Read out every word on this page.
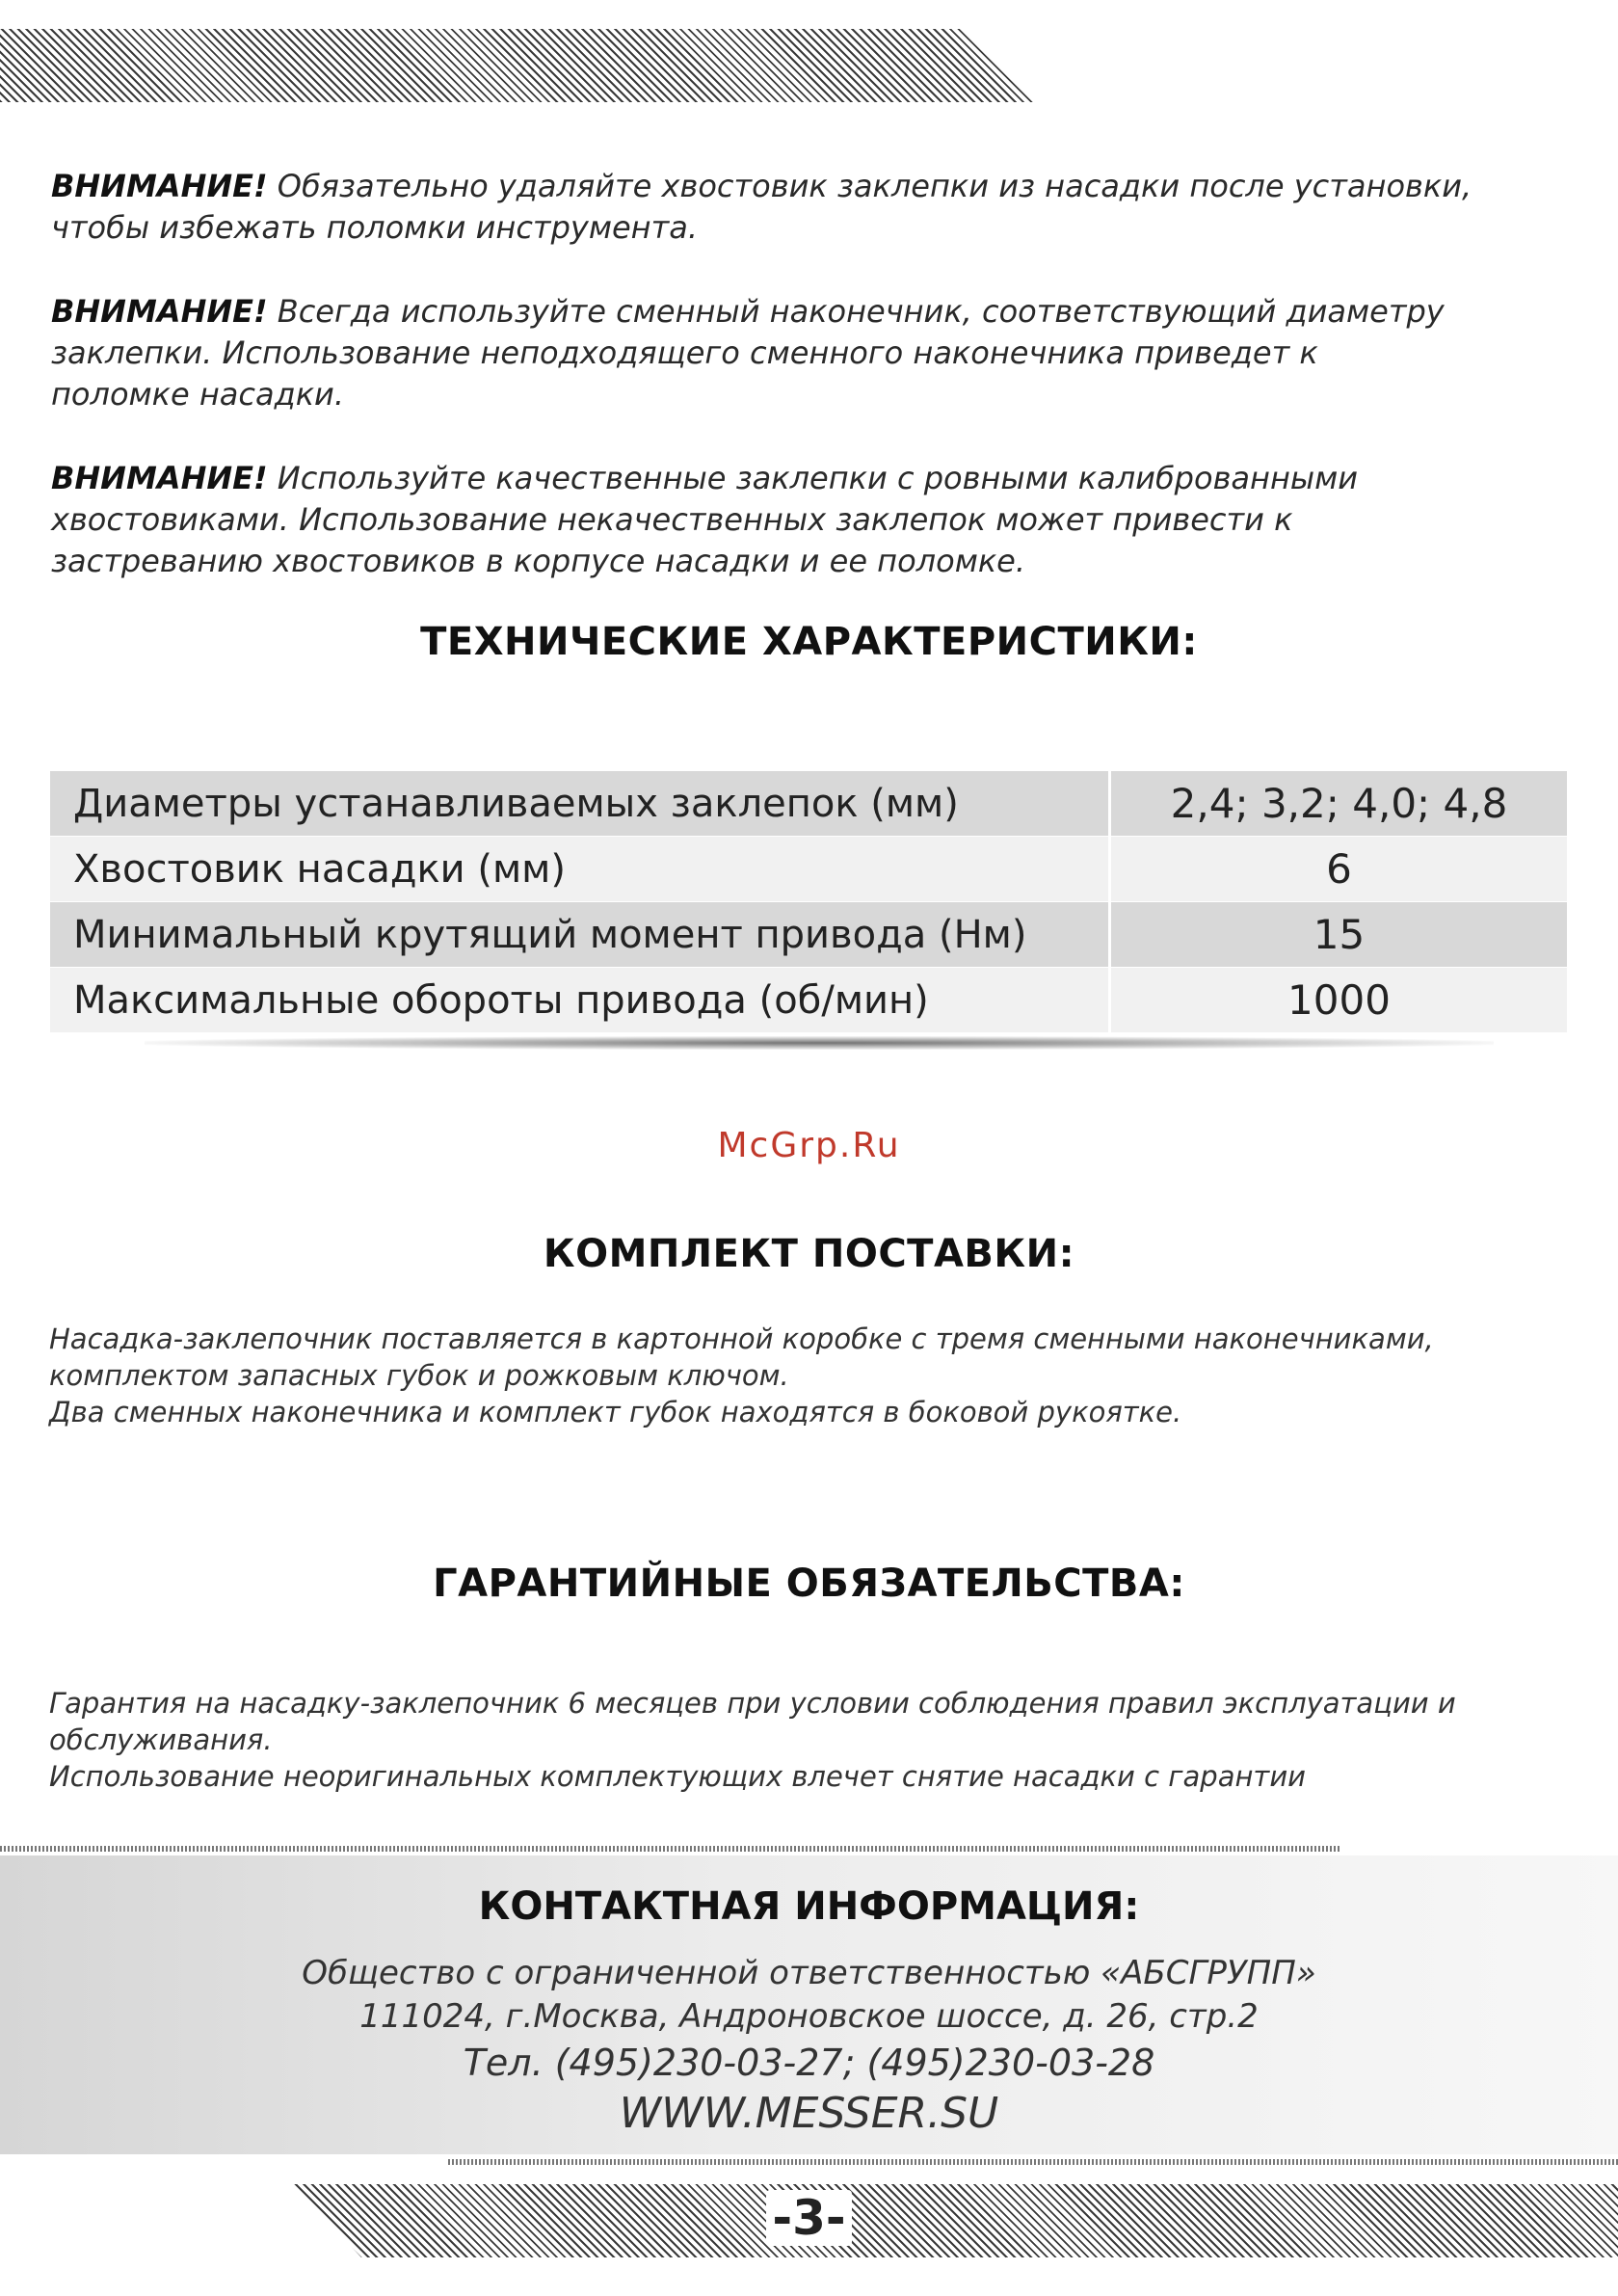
ВНИМАНИЕ! Обязательно удаляйте хвостовик заклепки из насадки после установки,
чтобы избежать поломки инструмента.
ВНИМАНИЕ! Всегда используйте сменный наконечник, соответствующий диаметру
заклепки. Использование неподходящего сменного наконечника приведет к
поломке насадки.
ВНИМАНИЕ! Используйте качественные заклепки с ровными калиброванными
хвостовиками. Использование некачественных заклепок может привести к
застреванию хвостовиков в корпусе насадки и ее поломке.
ТЕХНИЧЕСКИЕ ХАРАКТЕРИСТИКИ:
Диаметры устанавливаемых заклепок (мм)	2,4; 3,2; 4,0; 4,8
Хвостовик насадки (мм)	6
Минимальный крутящий момент привода (Нм)	15
Максимальные обороты привода (об/мин)	1000
McGrp.Ru
КОМПЛЕКТ ПОСТАВКИ:
Насадка-заклепочник поставляется в картонной коробке с тремя сменными наконечниками,
комплектом запасных губок и рожковым ключом.
Два сменных наконечника и комплект губок находятся в боковой рукоятке.
ГАРАНТИЙНЫЕ ОБЯЗАТЕЛЬСТВА:
Гарантия на насадку-заклепочник 6 месяцев при условии соблюдения правил эксплуатации и
обслуживания.
Использование неоригинальных комплектующих влечет снятие насадки с гарантии
КОНТАКТНАЯ ИНФОРМАЦИЯ:
Общество с ограниченной ответственностью «АБСГРУПП»
111024, г.Москва, Андроновское шоссе, д. 26, стр.2
Тел. (495)230-03-27; (495)230-03-28
WWW.MESSER.SU
-3-
